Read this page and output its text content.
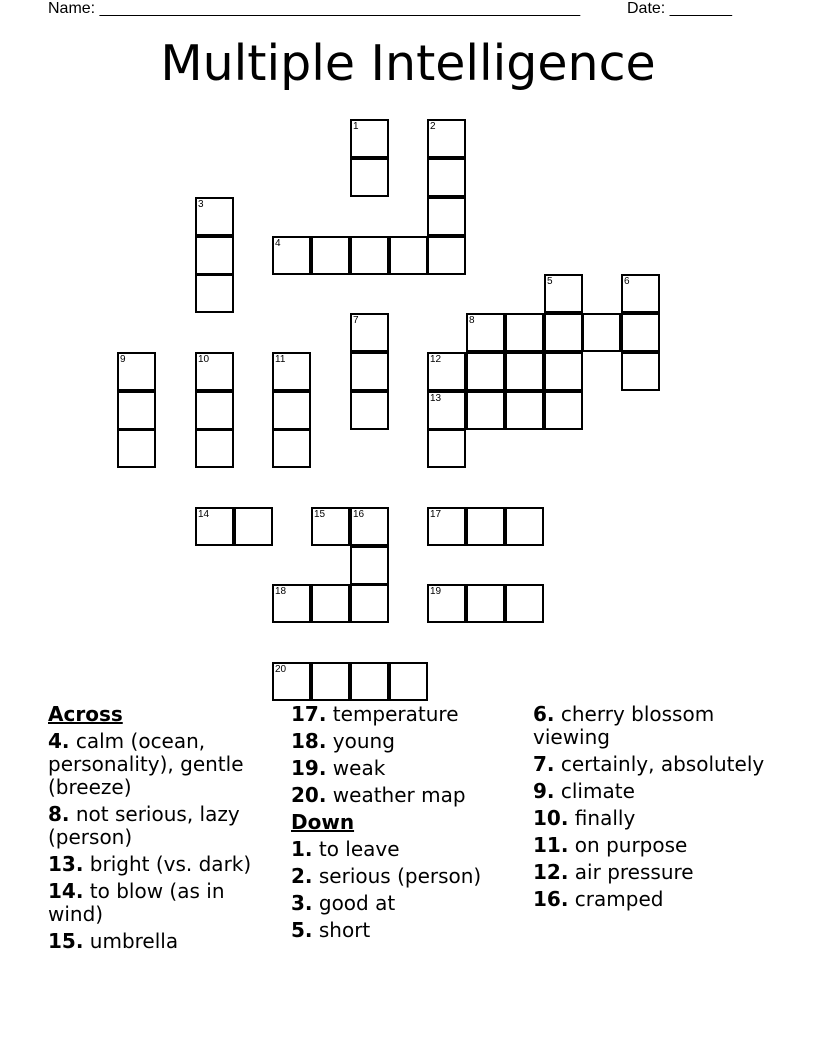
Name: ______________________________________________________	Date: _______
Multiple Intelligence
1	2
3
4
5	6
7	8
9	10	11	12
13
14	15	16	17
18	19
20
Across
4. calm (ocean, personality), gentle (breeze)
8. not serious, lazy (person)
13. bright (vs. dark)
14. to blow (as in wind)
15. umbrella
17. temperature
18. young
19. weak
20. weather map
Down
1. to leave
2. serious (person)
3. good at
5. short
6. cherry blossom viewing
7. certainly, absolutely
9. climate
10. finally
11. on purpose
12. air pressure
16. cramped
